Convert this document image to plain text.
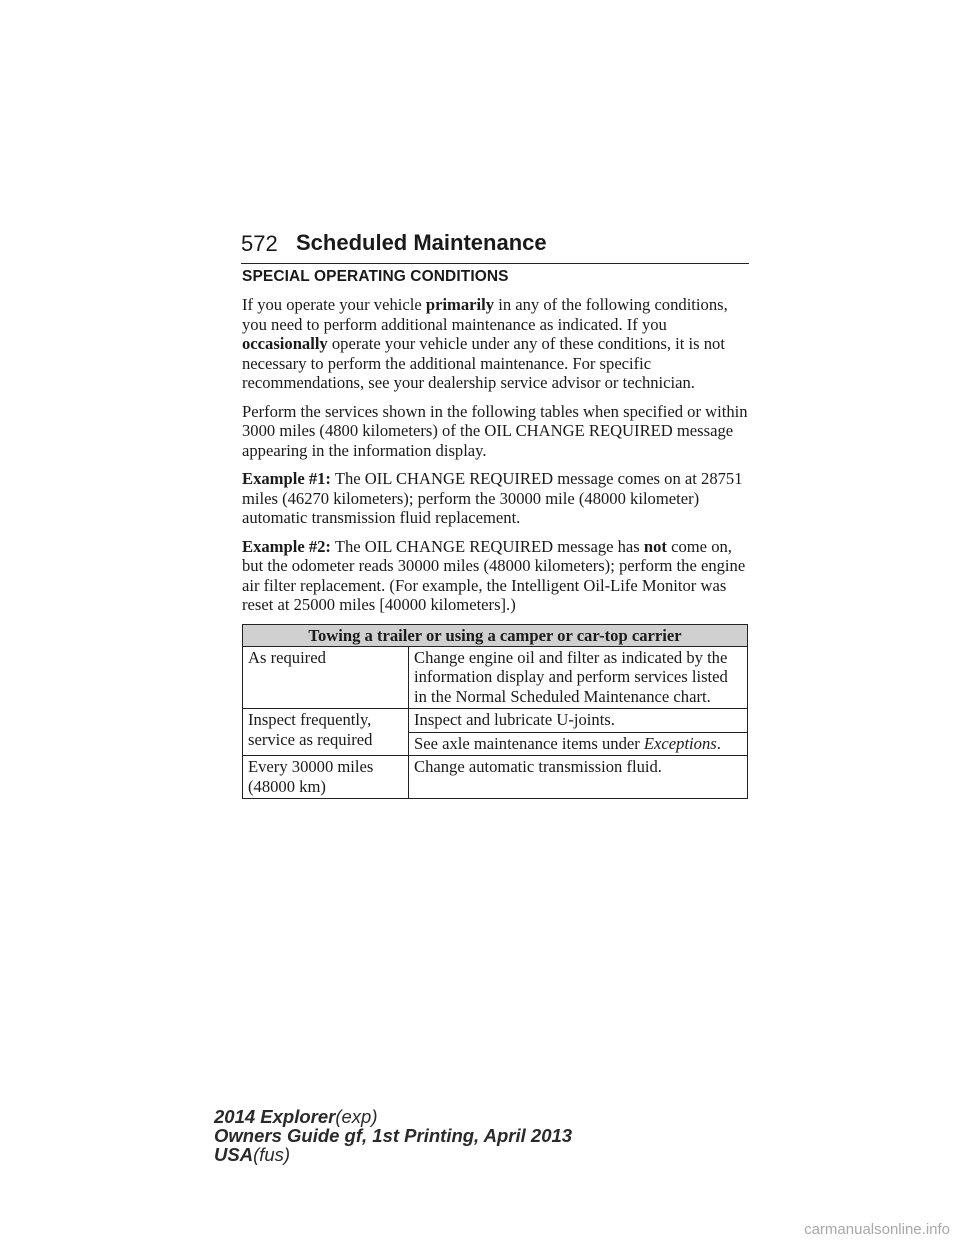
572 Scheduled Maintenance
SPECIAL OPERATING CONDITIONS

If you operate your vehicle primarily in any of the following conditions, you need to perform additional maintenance as indicated. If you occasionally operate your vehicle under any of these conditions, it is not necessary to perform the additional maintenance. For specific recommendations, see your dealership service advisor or technician.

Perform the services shown in the following tables when specified or within 3000 miles (4800 kilometers) of the OIL CHANGE REQUIRED message appearing in the information display.

Example #1: The OIL CHANGE REQUIRED message comes on at 28751 miles (46270 kilometers); perform the 30000 mile (48000 kilometer) automatic transmission fluid replacement.

Example #2: The OIL CHANGE REQUIRED message has not come on, but the odometer reads 30000 miles (48000 kilometers); perform the engine air filter replacement. (For example, the Intelligent Oil-Life Monitor was reset at 25000 miles [40000 kilometers].)

Towing a trailer or using a camper or car-top carrier	
As required	Change engine oil and filter as indicated by the information display and perform services listed in the Normal Scheduled Maintenance chart.
Inspect frequently, service as required	Inspect and lubricate U-joints.
	See axle maintenance items under Exceptions.
Every 30000 miles (48000 km)	Change automatic transmission fluid.
2014 Explorer(exp)
Owners Guide gf, 1st Printing, April 2013
USA(fus)
carmanualsonline.info
